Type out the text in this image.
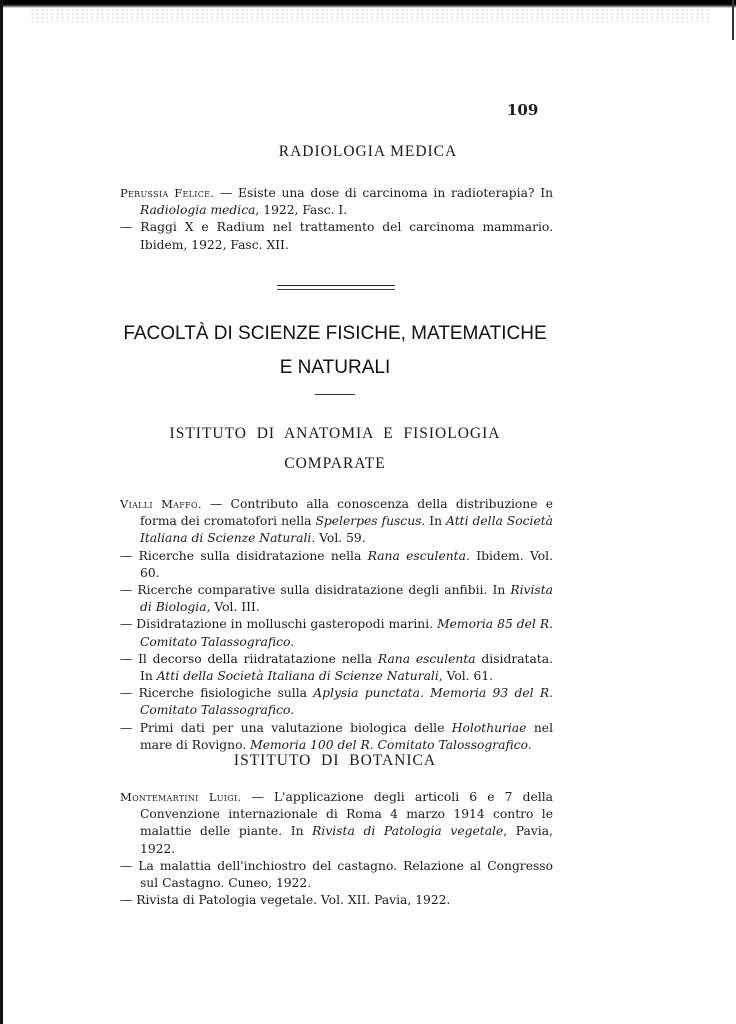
109
RADIOLOGIA MEDICA
Perussia Felice. — Esiste una dose di carcinoma in radioterapia? In Radiologia medica, 1922, Fasc. I.
— Raggi X e Radium nel trattamento del carcinoma mammario. Ibidem, 1922, Fasc. XII.
FACOLTÀ DI SCIENZE FISICHE, MATEMATICHE
E NATURALI
ISTITUTO  DI  ANATOMIA  E  FISIOLOGIA
COMPARATE
Vialli Maffo. — Contributo alla conoscenza della distribuzione e forma dei cromatofori nella Spelerpes fuscus. In Atti della Società Italiana di Scienze Naturali. Vol. 59.
— Ricerche sulla disidratazione nella Rana esculenta. Ibidem. Vol. 60.
— Ricerche comparative sulla disidratazione degli anfibii. In Rivista di Biologia, Vol. III.
— Disidratazione in molluschi gasteropodi marini. Memoria 85 del R. Comitato Talassografico.
— Il decorso della riidratatazione nella Rana esculenta disidratata. In Atti della Società Italiana di Scienze Naturali, Vol. 61.
— Ricerche fisiologiche sulla Aplysia punctata. Memoria 93 del R. Comitato Talassografico.
— Primi dati per una valutazione biologica delle Holothuriae nel mare di Rovigno. Memoria 100 del R. Comitato Talossografico.
ISTITUTO  DI  BOTANICA
Montemartini Luigi. — L'applicazione degli articoli 6 e 7 della Convenzione internazionale di Roma 4 marzo 1914 contro le malattie delle piante. In Rivista di Patologia vegetale, Pavia, 1922.
— La malattia dell'inchiostro del castagno. Relazione al Congresso sul Castagno. Cuneo, 1922.
— Rivista di Patologia vegetale. Vol. XII. Pavia, 1922.
